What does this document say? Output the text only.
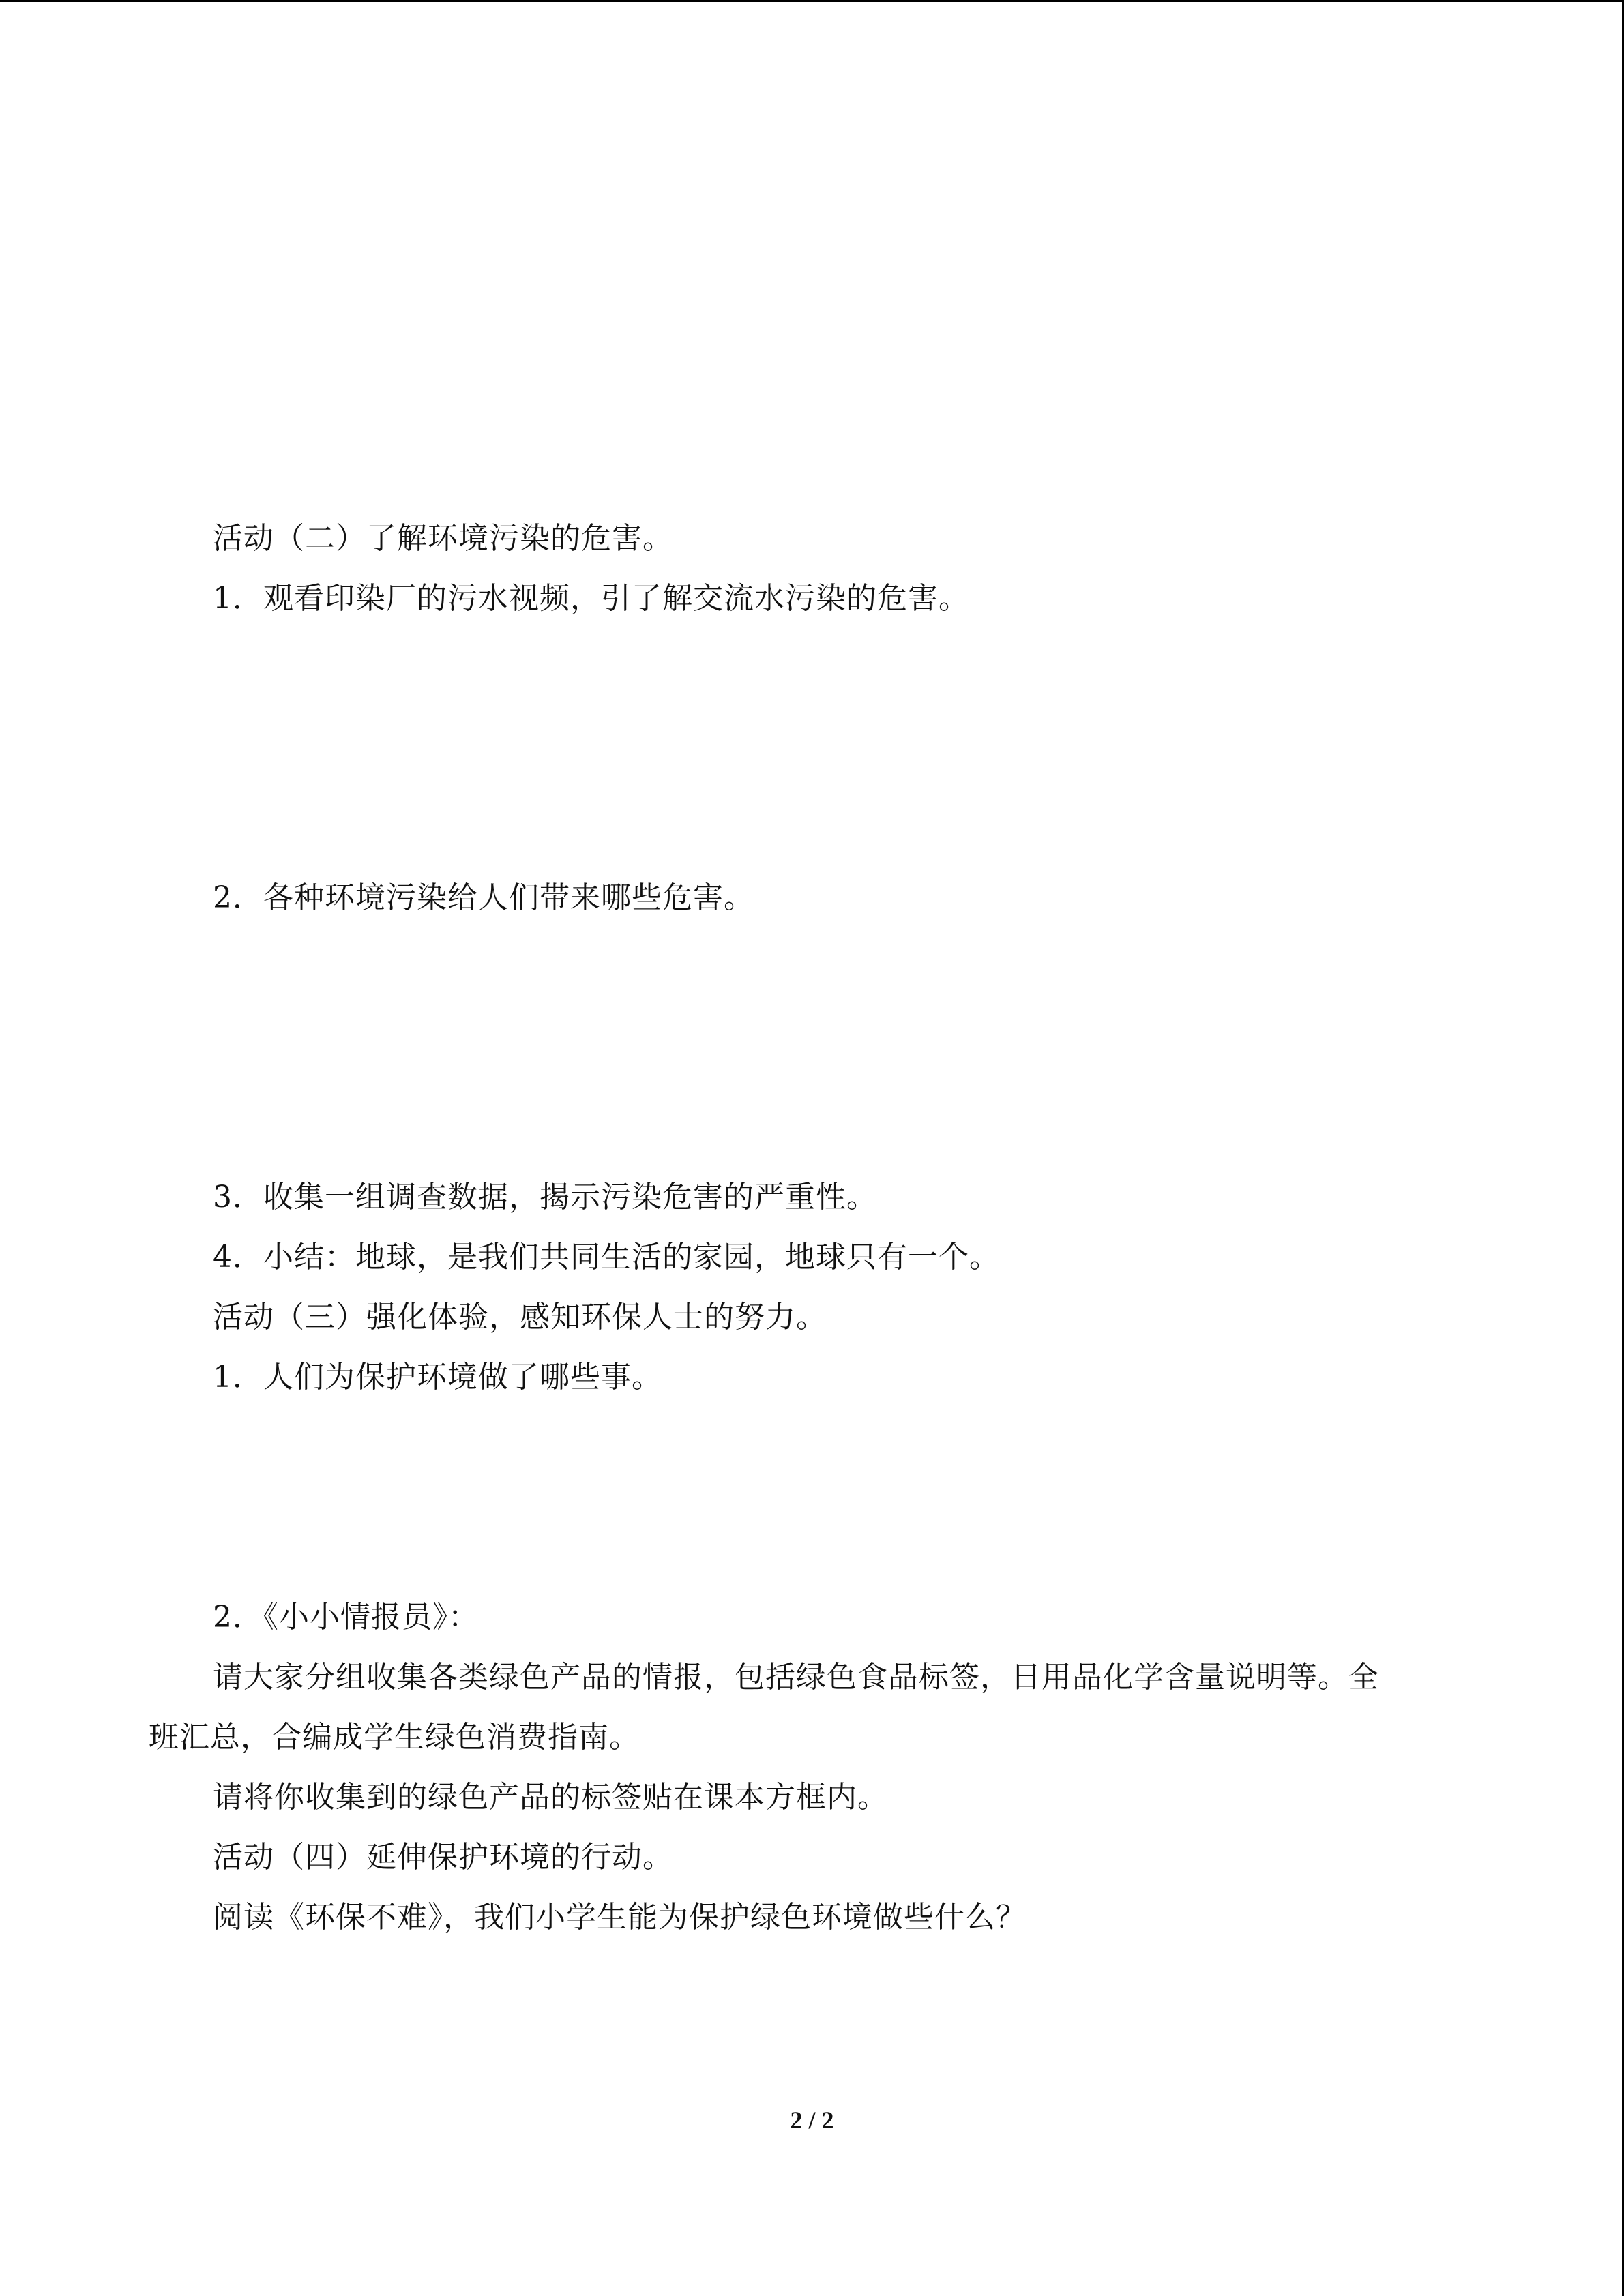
活动（二）了解环境污染的危害。
1．观看印染厂的污水视频，引了解交流水污染的危害。
2．各种环境污染给人们带来哪些危害。
3．收集一组调查数据，揭示污染危害的严重性。
4．小结：地球，是我们共同生活的家园，地球只有一个。
活动（三）强化体验，感知环保人士的努力。
1．人们为保护环境做了哪些事。
2．《小小情报员》：
请大家分组收集各类绿色产品的情报，包括绿色食品标签，日用品化学含量说明等。全
班汇总，合编成学生绿色消费指南。
请将你收集到的绿色产品的标签贴在课本方框内。
活动（四）延伸保护环境的行动。
阅读《环保不难》，我们小学生能为保护绿色环境做些什么？
2 / 2
